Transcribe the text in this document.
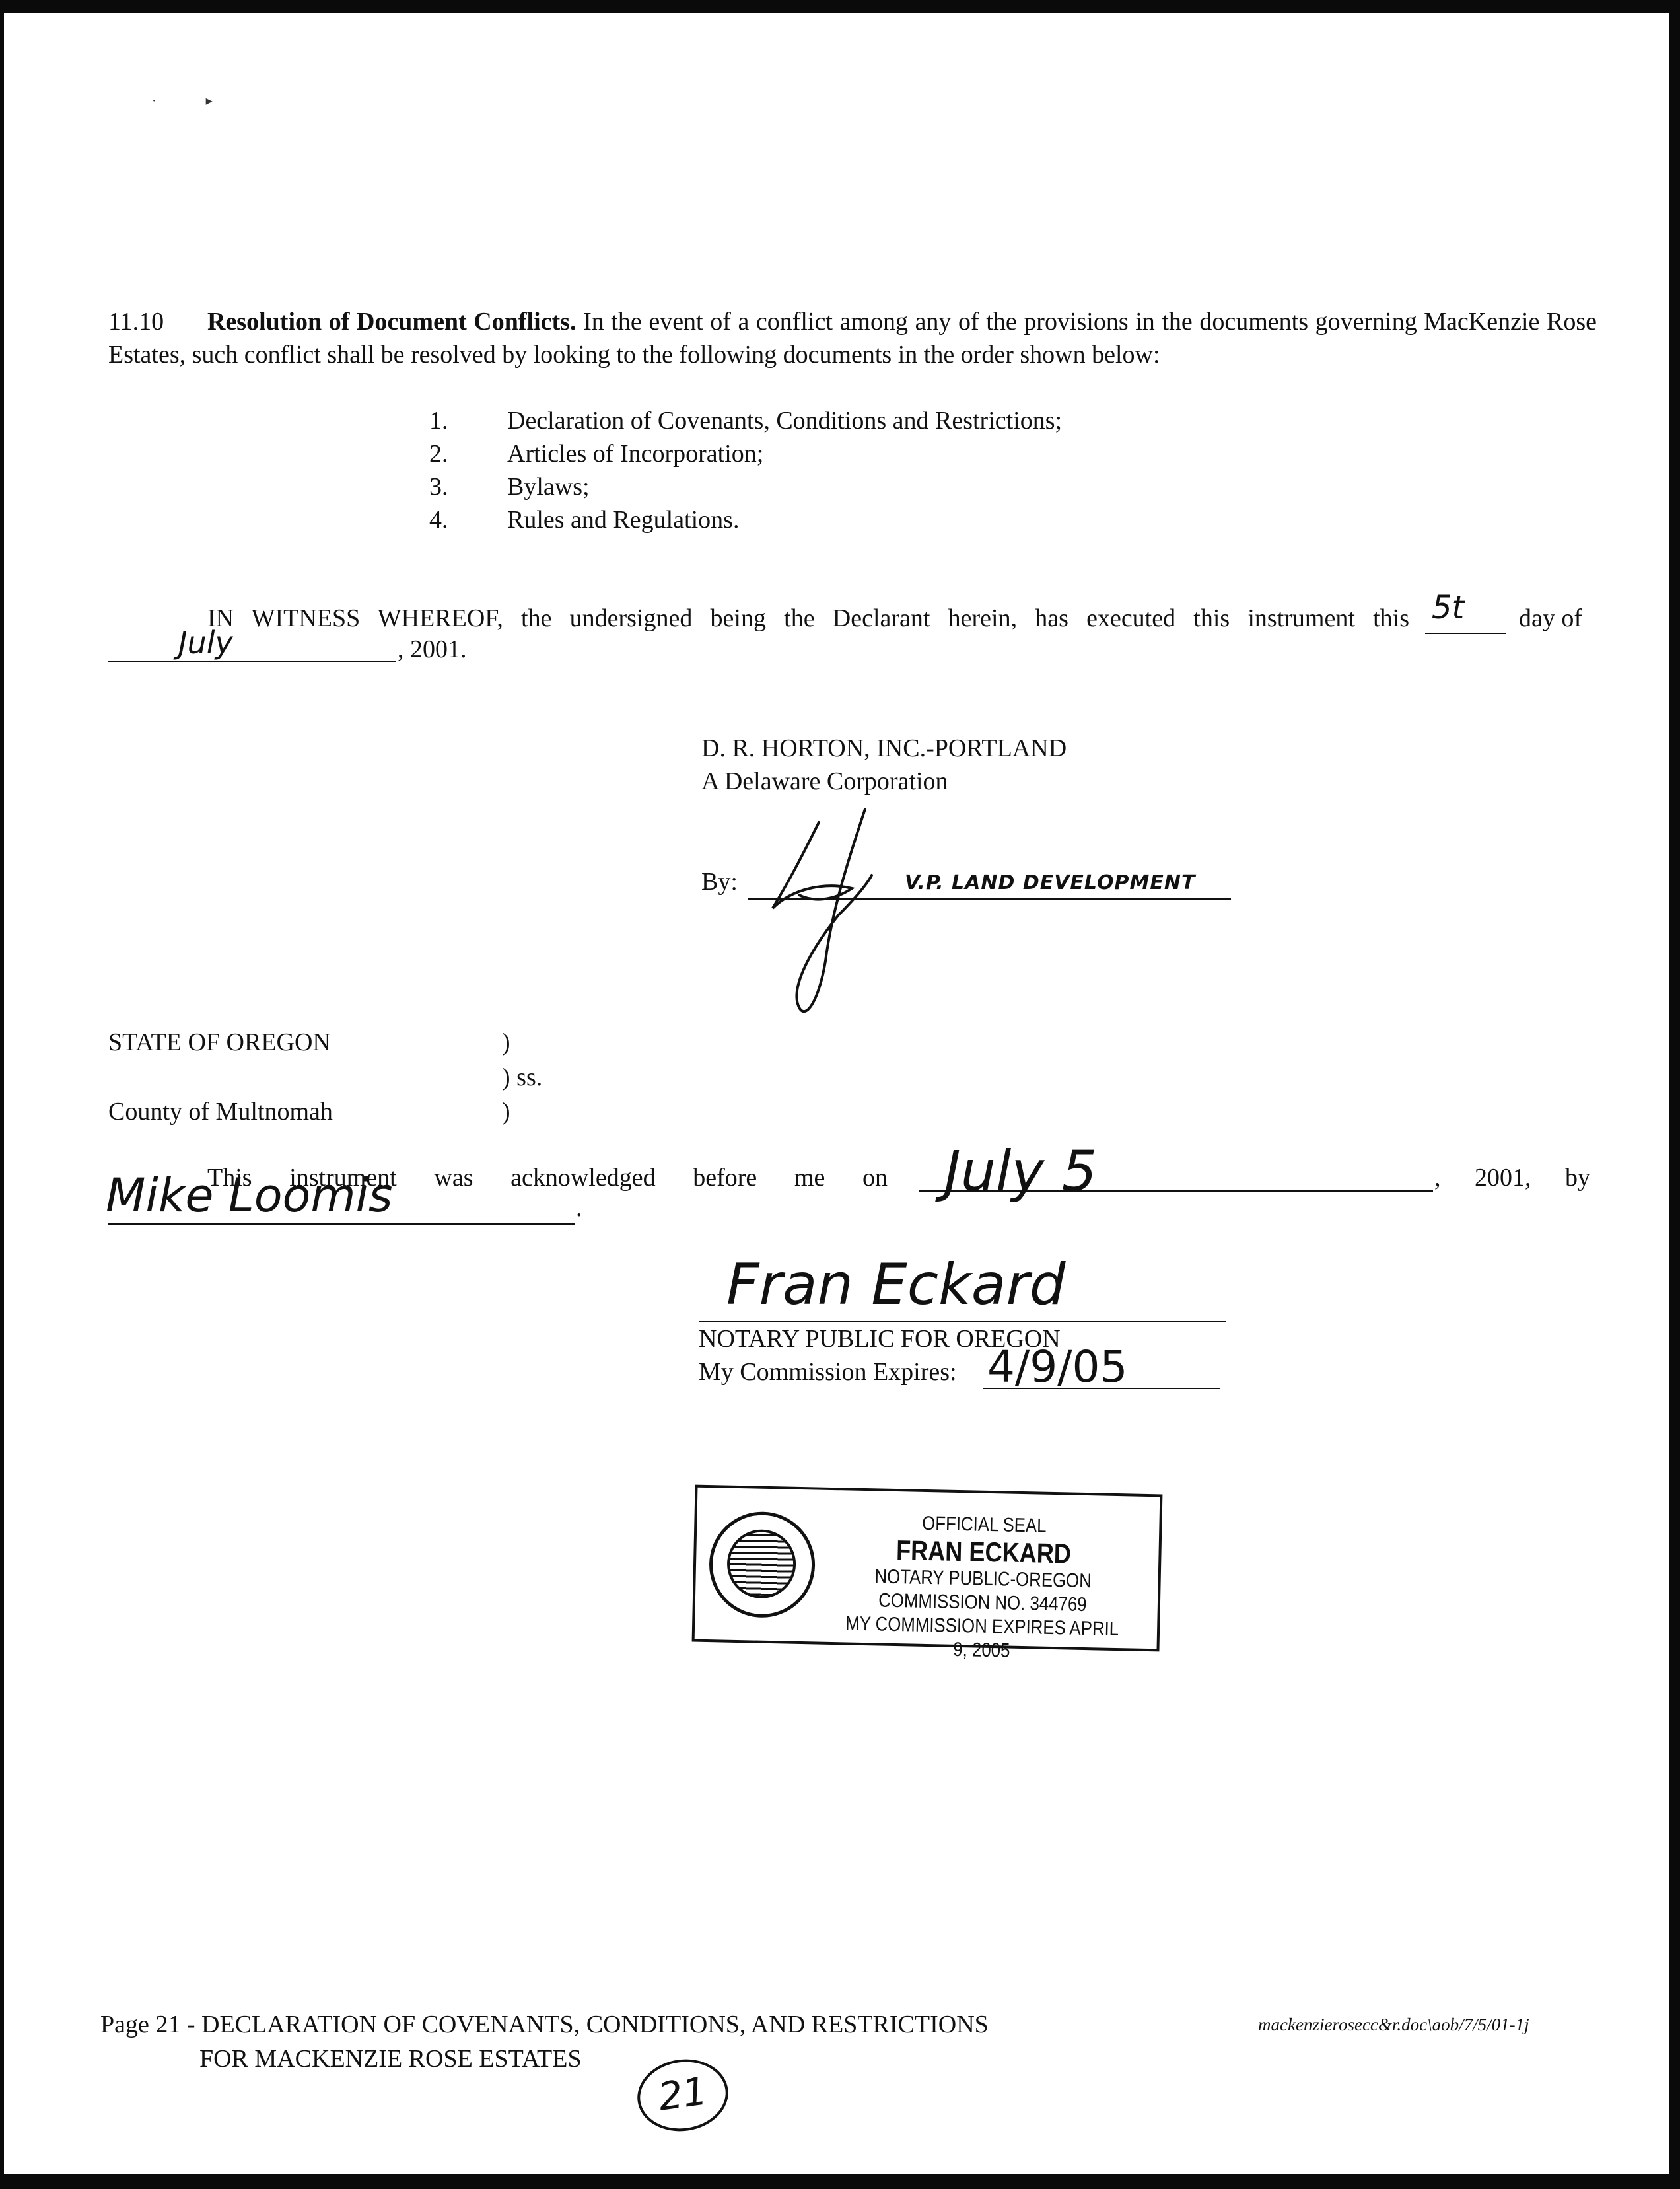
·               ▸
11.10 Resolution of Document Conflicts. In the event of a conflict among any of the provisions in the documents governing MacKenzie Rose Estates, such conflict shall be resolved by looking to the following documents in the order shown below:
1. Declaration of Covenants, Conditions and Restrictions;
2. Articles of Incorporation;
3. Bylaws;
4. Rules and Regulations.
IN WITNESS WHEREOF, the undersigned being the Declarant herein, has executed this instrument this 5t day of
July	, 2001.
D. R. HORTON, INC.-PORTLAND
A Delaware Corporation
By:	V.P. LAND DEVELOPMENT
STATE OF OREGON	)
) ss.
County of Multnomah	)
This instrument was acknowledged before me on July 5	, 2001, by
Mike Loomis	.
Fran Eckard
NOTARY PUBLIC FOR OREGON
My Commission Expires: 4/9/05
OFFICIAL SEAL
FRAN ECKARD
NOTARY PUBLIC-OREGON
COMMISSION NO. 344769
MY COMMISSION EXPIRES APRIL 9, 2005
Page 21 - DECLARATION OF COVENANTS, CONDITIONS, AND RESTRICTIONS
FOR MACKENZIE ROSE ESTATES
mackenzierosecc&r.doc\aob/7/5/01-1j
21
